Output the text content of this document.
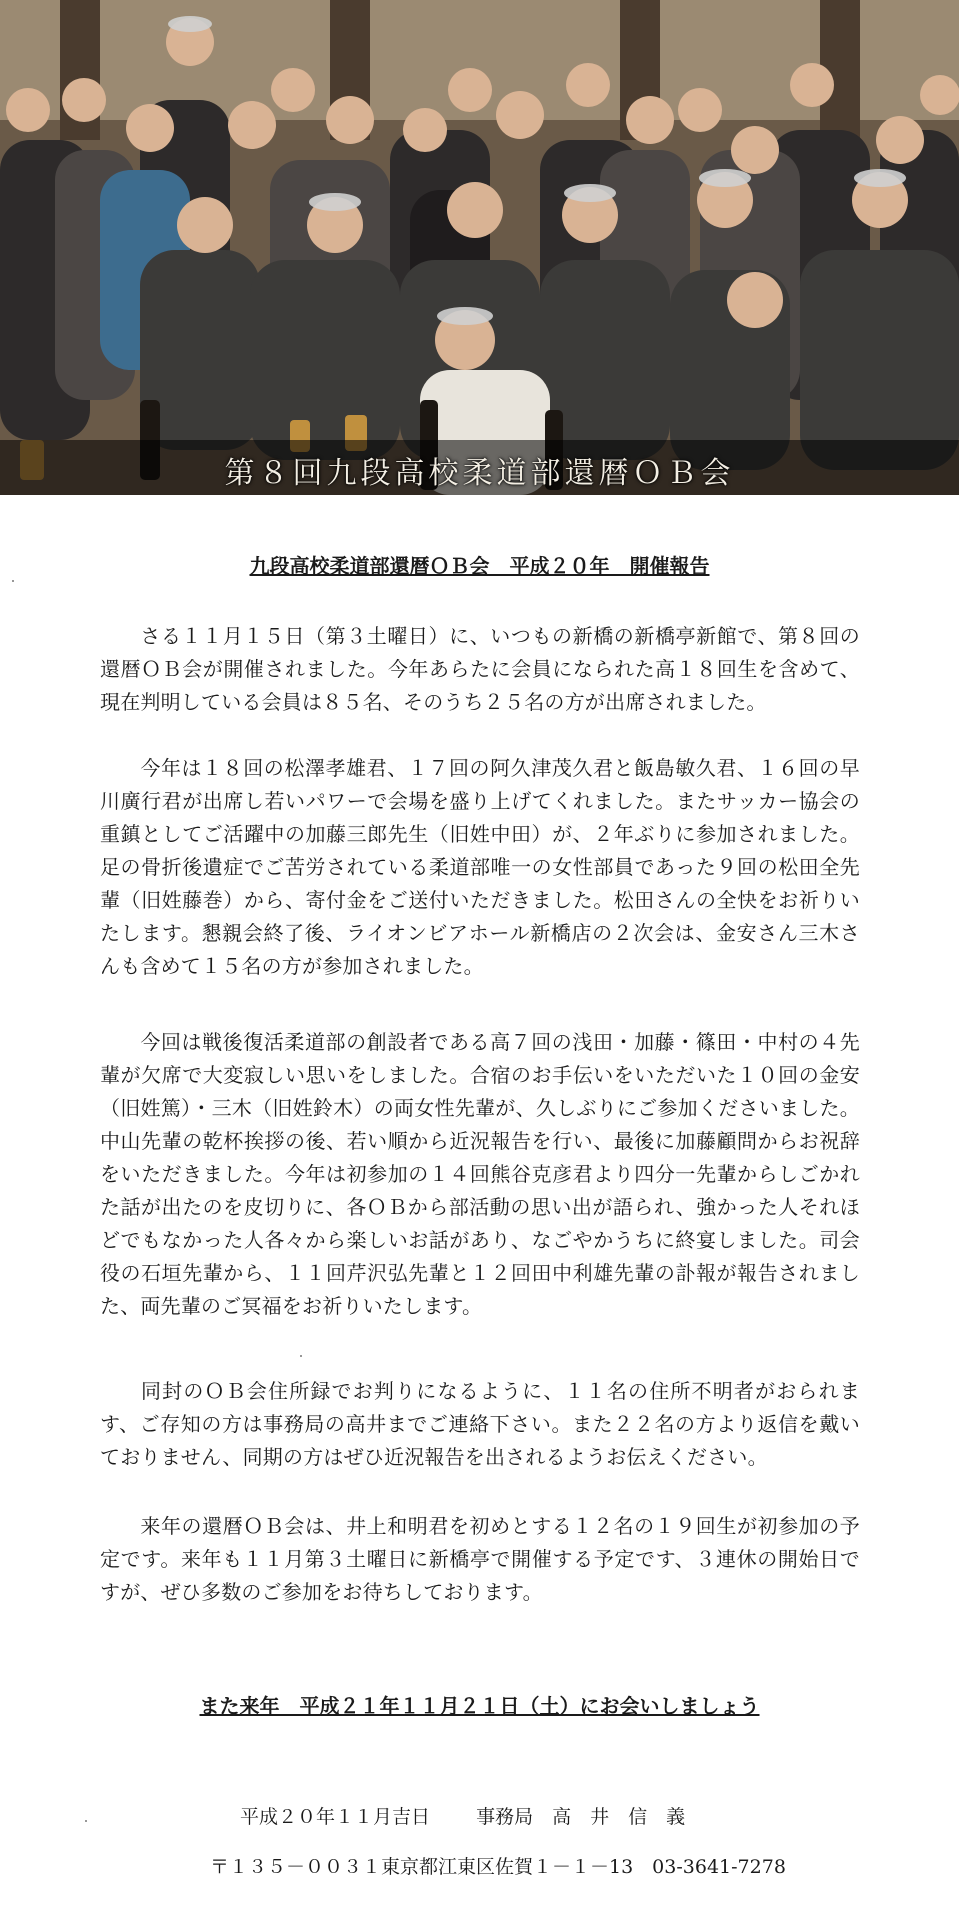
第８回九段高校柔道部還暦ＯＢ会
九段高校柔道部還暦ＯＢ会　平成２０年　開催報告

さる１１月１５日（第３土曜日）に、いつもの新橋の新橋亭新館で、第８回の還暦ＯＢ会が開催されました。今年あらたに会員になられた高１８回生を含めて、現在判明している会員は８５名、そのうち２５名の方が出席されました。

今年は１８回の松澤孝雄君、１７回の阿久津茂久君と飯島敏久君、１６回の早川廣行君が出席し若いパワーで会場を盛り上げてくれました。またサッカー協会の重鎮としてご活躍中の加藤三郎先生（旧姓中田）が、２年ぶりに参加されました。足の骨折後遺症でご苦労されている柔道部唯一の女性部員であった９回の松田全先輩（旧姓藤巻）から、寄付金をご送付いただきました。松田さんの全快をお祈りいたします。懇親会終了後、ライオンビアホール新橋店の２次会は、金安さん三木さんも含めて１５名の方が参加されました。

今回は戦後復活柔道部の創設者である高７回の浅田・加藤・篠田・中村の４先輩が欠席で大変寂しい思いをしました。合宿のお手伝いをいただいた１０回の金安（旧姓篤）・三木（旧姓鈴木）の両女性先輩が、久しぶりにご参加くださいました。中山先輩の乾杯挨拶の後、若い順から近況報告を行い、最後に加藤顧問からお祝辞をいただきました。今年は初参加の１４回熊谷克彦君より四分一先輩からしごかれた話が出たのを皮切りに、各ＯＢから部活動の思い出が語られ、強かった人それほどでもなかった人各々から楽しいお話があり、なごやかうちに終宴しました。司会役の石垣先輩から、１１回芹沢弘先輩と１２回田中利雄先輩の訃報が報告されました、両先輩のご冥福をお祈りいたします。

同封のＯＢ会住所録でお判りになるように、１１名の住所不明者がおられます、ご存知の方は事務局の高井までご連絡下さい。また２２名の方より返信を戴いておりません、同期の方はぜひ近況報告を出されるようお伝えください。

来年の還暦ＯＢ会は、井上和明君を初めとする１２名の１９回生が初参加の予定です。来年も１１月第３土曜日に新橋亭で開催する予定です、３連休の開始日ですが、ぜひ多数のご参加をお待ちしております。

また来年　平成２１年１１月２１日（土）にお会いしましょう
平成２０年１１月吉日 事務局　高　井　信　義
〒１３５－００３１東京都江東区佐賀１－１－13　03-3641-7278
